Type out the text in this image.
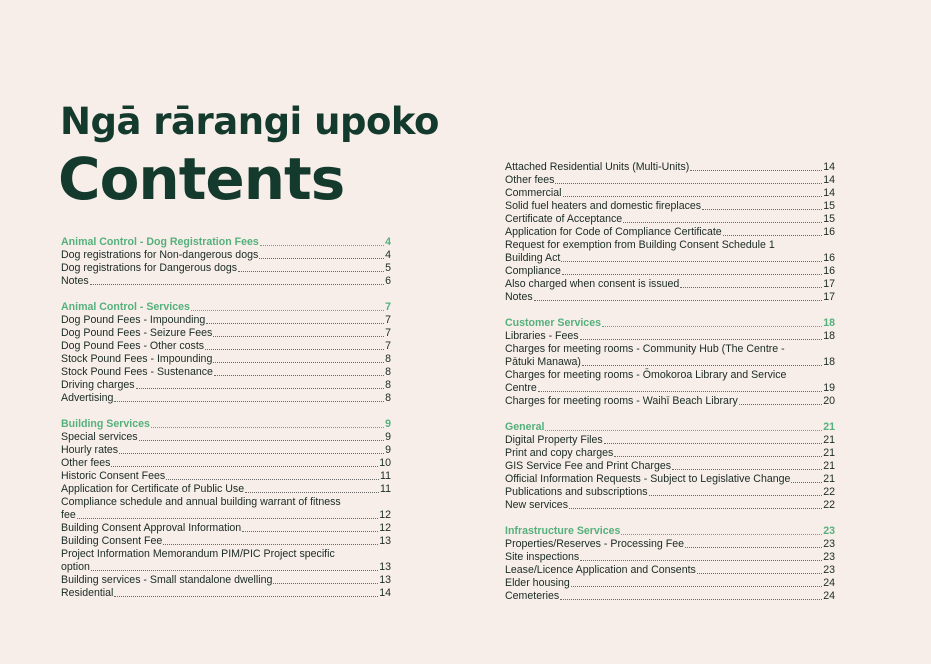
Ngā rārangi upoko
Contents
Animal Control - Dog Registration Fees	4
Dog registrations for Non-dangerous dogs	4
Dog registrations for Dangerous dogs	5
Notes	6
Animal Control - Services	7
Dog Pound Fees - Impounding	7
Dog Pound Fees - Seizure Fees	7
Dog Pound Fees - Other costs	7
Stock Pound Fees - Impounding	8
Stock Pound Fees - Sustenance	8
Driving charges	8
Advertising	8
Building Services	9
Special services	9
Hourly rates	9
Other fees	10
Historic Consent Fees	11
Application for Certificate of Public Use	11
Compliance schedule and annual building warrant of fitness
fee	12
Building Consent Approval Information	12
Building Consent Fee	13
Project Information Memorandum PIM/PIC Project specific
option	13
Building services - Small standalone dwelling	13
Residential	14
Attached Residential Units (Multi-Units)	14
Other fees	14
Commercial	14
Solid fuel heaters and domestic fireplaces	15
Certificate of Acceptance	15
Application for Code of Compliance Certificate	16
Request for exemption from Building Consent Schedule 1
Building Act	16
Compliance	16
Also charged when consent is issued	17
Notes	17
Customer Services	18
Libraries - Fees	18
Charges for meeting rooms - Community Hub (The Centre -
Pātuki Manawa)	18
Charges for meeting rooms - Ōmokoroa Library and Service
Centre	19
Charges for meeting rooms - Waihī Beach Library	20
General	21
Digital Property Files	21
Print and copy charges	21
GIS Service Fee and Print Charges	21
Official Information Requests - Subject to Legislative Change	21
Publications and subscriptions	22
New services	22
Infrastructure Services	23
Properties/Reserves - Processing Fee	23
Site inspections	23
Lease/Licence Application and Consents	23
Elder housing	24
Cemeteries	24
